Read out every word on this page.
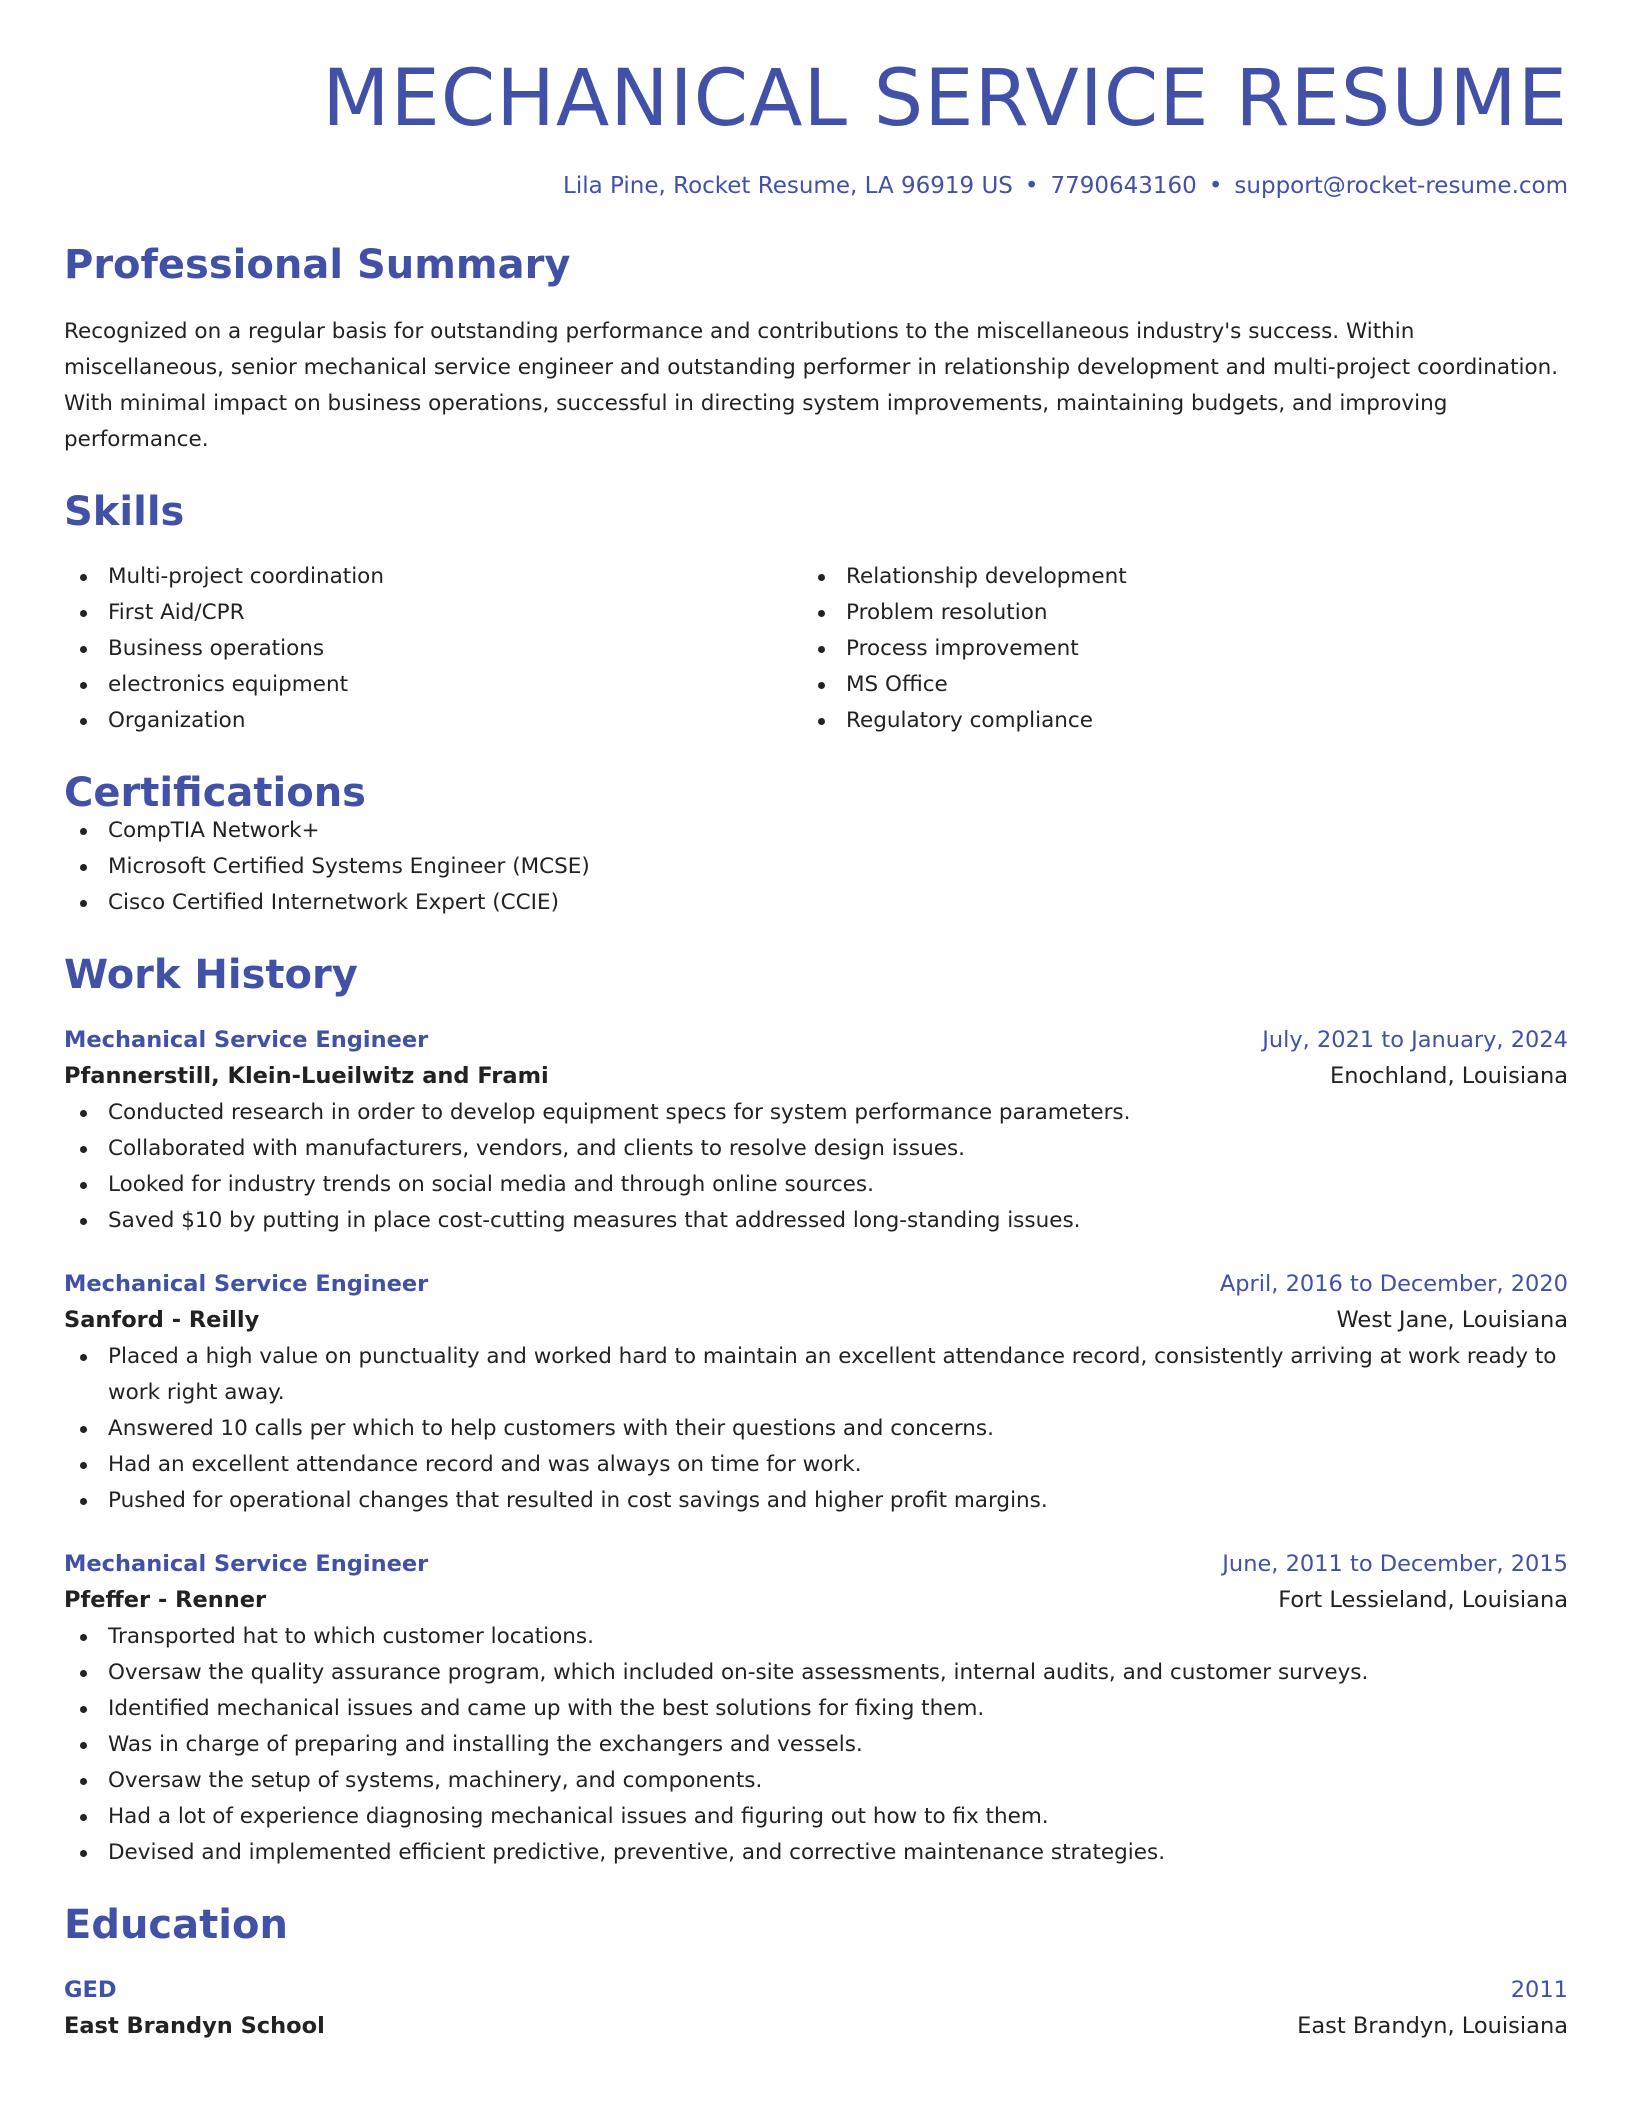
MECHANICAL SERVICE RESUME
Lila Pine, Rocket Resume, LA 96919 US • 7790643160 • support@rocket-resume.com
Professional Summary
Recognized on a regular basis for outstanding performance and contributions to the miscellaneous industry's success. Within miscellaneous, senior mechanical service engineer and outstanding performer in relationship development and multi-project coordination. With minimal impact on business operations, successful in directing system improvements, maintaining budgets, and improving performance.
Skills
Multi-project coordination
First Aid/CPR
Business operations
electronics equipment
Organization
Relationship development
Problem resolution
Process improvement
MS Office
Regulatory compliance
Certifications
CompTIA Network+
Microsoft Certified Systems Engineer (MCSE)
Cisco Certified Internetwork Expert (CCIE)
Work History
Mechanical Service Engineer	July, 2021 to January, 2024
Pfannerstill, Klein-Lueilwitz and Frami	Enochland, Louisiana
Conducted research in order to develop equipment specs for system performance parameters.
Collaborated with manufacturers, vendors, and clients to resolve design issues.
Looked for industry trends on social media and through online sources.
Saved $10 by putting in place cost-cutting measures that addressed long-standing issues.
Mechanical Service Engineer	April, 2016 to December, 2020
Sanford - Reilly	West Jane, Louisiana
Placed a high value on punctuality and worked hard to maintain an excellent attendance record, consistently arriving at work ready to work right away.
Answered 10 calls per which to help customers with their questions and concerns.
Had an excellent attendance record and was always on time for work.
Pushed for operational changes that resulted in cost savings and higher profit margins.
Mechanical Service Engineer	June, 2011 to December, 2015
Pfeffer - Renner	Fort Lessieland, Louisiana
Transported hat to which customer locations.
Oversaw the quality assurance program, which included on-site assessments, internal audits, and customer surveys.
Identified mechanical issues and came up with the best solutions for fixing them.
Was in charge of preparing and installing the exchangers and vessels.
Oversaw the setup of systems, machinery, and components.
Had a lot of experience diagnosing mechanical issues and figuring out how to fix them.
Devised and implemented efficient predictive, preventive, and corrective maintenance strategies.
Education
GED	2011
East Brandyn School	East Brandyn, Louisiana
